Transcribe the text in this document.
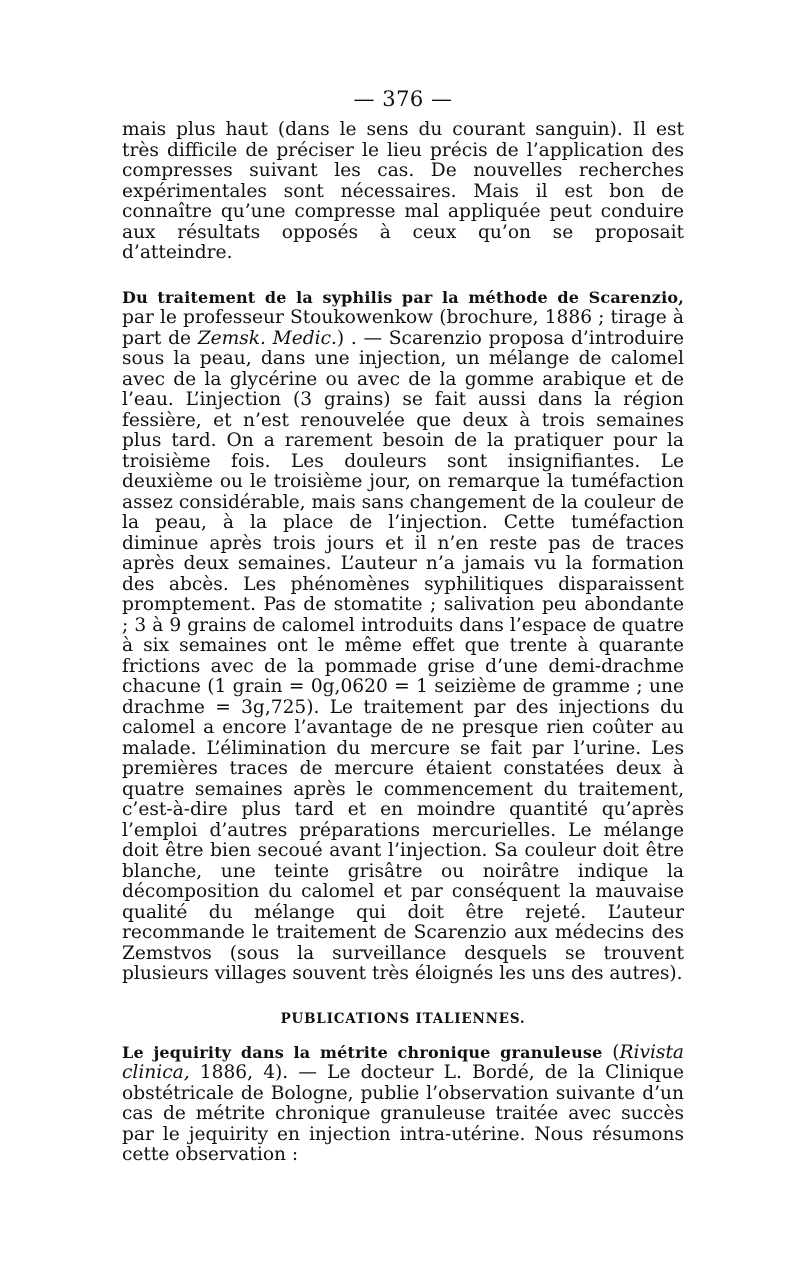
— 376 —

mais plus haut (dans le sens du courant sanguin). Il est très difficile de préciser le lieu précis de l’application des compresses suivant les cas. De nouvelles recherches expérimentales sont nécessaires. Mais il est bon de connaître qu’une compresse mal appliquée peut conduire aux résultats opposés à ceux qu’on se proposait d’atteindre.

Du traitement de la syphilis par la méthode de Scarenzio, par le professeur Stoukowenkow (brochure, 1886 ; tirage à part de Zemsk. Medic.) . — Scarenzio proposa d’introduire sous la peau, dans une injection, un mélange de calomel avec de la glycérine ou avec de la gomme arabique et de l’eau. L’injection (3 grains) se fait aussi dans la région fessière, et n’est renouvelée que deux à trois semaines plus tard. On a rarement besoin de la pratiquer pour la troisième fois. Les douleurs sont insignifiantes. Le deuxième ou le troisième jour, on remarque la tuméfaction assez considérable, mais sans changement de la couleur de la peau, à la place de l’injection. Cette tuméfaction diminue après trois jours et il n’en reste pas de traces après deux semaines. L’auteur n’a jamais vu la formation des abcès. Les phénomènes syphilitiques disparaissent promptement. Pas de stomatite ; salivation peu abondante ; 3 à 9 grains de calomel introduits dans l’espace de quatre à six semaines ont le même effet que trente à quarante frictions avec de la pommade grise d’une demi-drachme chacune (1 grain = 0g,0620 = 1 seizième de gramme ; une drachme = 3g,725). Le traitement par des injections du calomel a encore l’avantage de ne presque rien coûter au malade. L’élimination du mercure se fait par l’urine. Les premières traces de mercure étaient constatées deux à quatre semaines après le commencement du traitement, c’est-à-dire plus tard et en moindre quantité qu’après l’emploi d’autres préparations mercurielles. Le mélange doit être bien secoué avant l’injection. Sa couleur doit être blanche, une teinte grisâtre ou noirâtre indique la décomposition du calomel et par conséquent la mauvaise qualité du mélange qui doit être rejeté. L’auteur recommande le traitement de Scarenzio aux médecins des Zemstvos (sous la surveillance desquels se trouvent plusieurs villages souvent très éloignés les uns des autres).

PUBLICATIONS ITALIENNES.

Le jequirity dans la métrite chronique granuleuse (Rivista clinica, 1886, 4). — Le docteur L. Bordé, de la Clinique obstétricale de Bologne, publie l’observation suivante d’un cas de métrite chronique granuleuse traitée avec succès par le jequirity en injection intra-utérine. Nous résumons cette observation :
